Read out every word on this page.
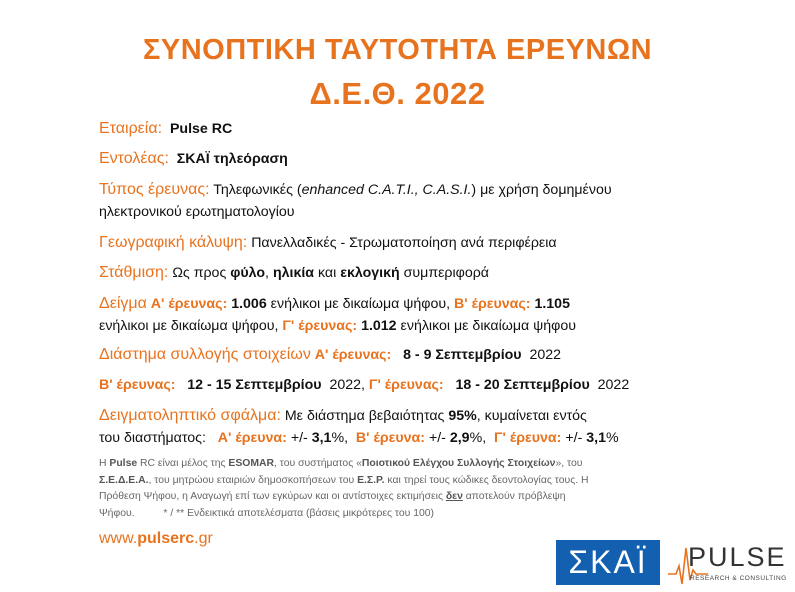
ΣΥΝΟΠΤΙΚΗ ΤΑΥΤΟΤΗΤΑ ΕΡΕΥΝΩΝ
Δ.Ε.Θ. 2022
Εταιρεία: Pulse RC
Εντολέας: ΣΚΑΪ τηλεόραση
Τύπος έρευνας: Τηλεφωνικές (enhanced C.A.T.I., C.A.S.I.) με χρήση δομημένου
ηλεκτρονικού ερωτηματολογίου
Γεωγραφική κάλυψη: Πανελλαδικές - Στρωματοποίηση ανά περιφέρεια
Στάθμιση: Ως προς φύλο, ηλικία και εκλογική συμπεριφορά
Δείγμα Α' έρευνας: 1.006 ενήλικοι με δικαίωμα ψήφου, Β' έρευνας: 1.105
ενήλικοι με δικαίωμα ψήφου, Γ' έρευνας: 1.012 ενήλικοι με δικαίωμα ψήφου
Διάστημα συλλογής στοιχείων Α' έρευνας: 8 - 9 Σεπτεμβρίου 2022
Β' έρευνας: 12 - 15 Σεπτεμβρίου 2022, Γ' έρευνας: 18 - 20 Σεπτεμβρίου 2022
Δειγματοληπτικό σφάλμα: Με διάστημα βεβαιότητας 95%, κυμαίνεται εντός
του διαστήματος: Α' έρευνα: +/- 3,1%, Β' έρευνα: +/- 2,9%, Γ' έρευνα: +/- 3,1%
Η Pulse RC είναι μέλος της ESOMAR, του συστήματος «Ποιοτικού Ελέγχου Συλλογής Στοιχείων», του
Σ.Ε.Δ.Ε.Α., του μητρώου εταιριών δημοσκοπήσεων του Ε.Σ.Ρ. και τηρεί τους κώδικες δεοντολογίας τους. Η
Πρόθεση Ψήφου, η Αναγωγή επί των εγκύρων και οι αντίστοιχες εκτιμήσεις δεν αποτελούν πρόβλεψη
Ψήφου.	* / ** Ενδεικτικά αποτελέσματα (βάσεις μικρότερες του 100)
www.pulserc.gr
ΣΚΑΪ PULSE
RESEARCH & CONSULTING
